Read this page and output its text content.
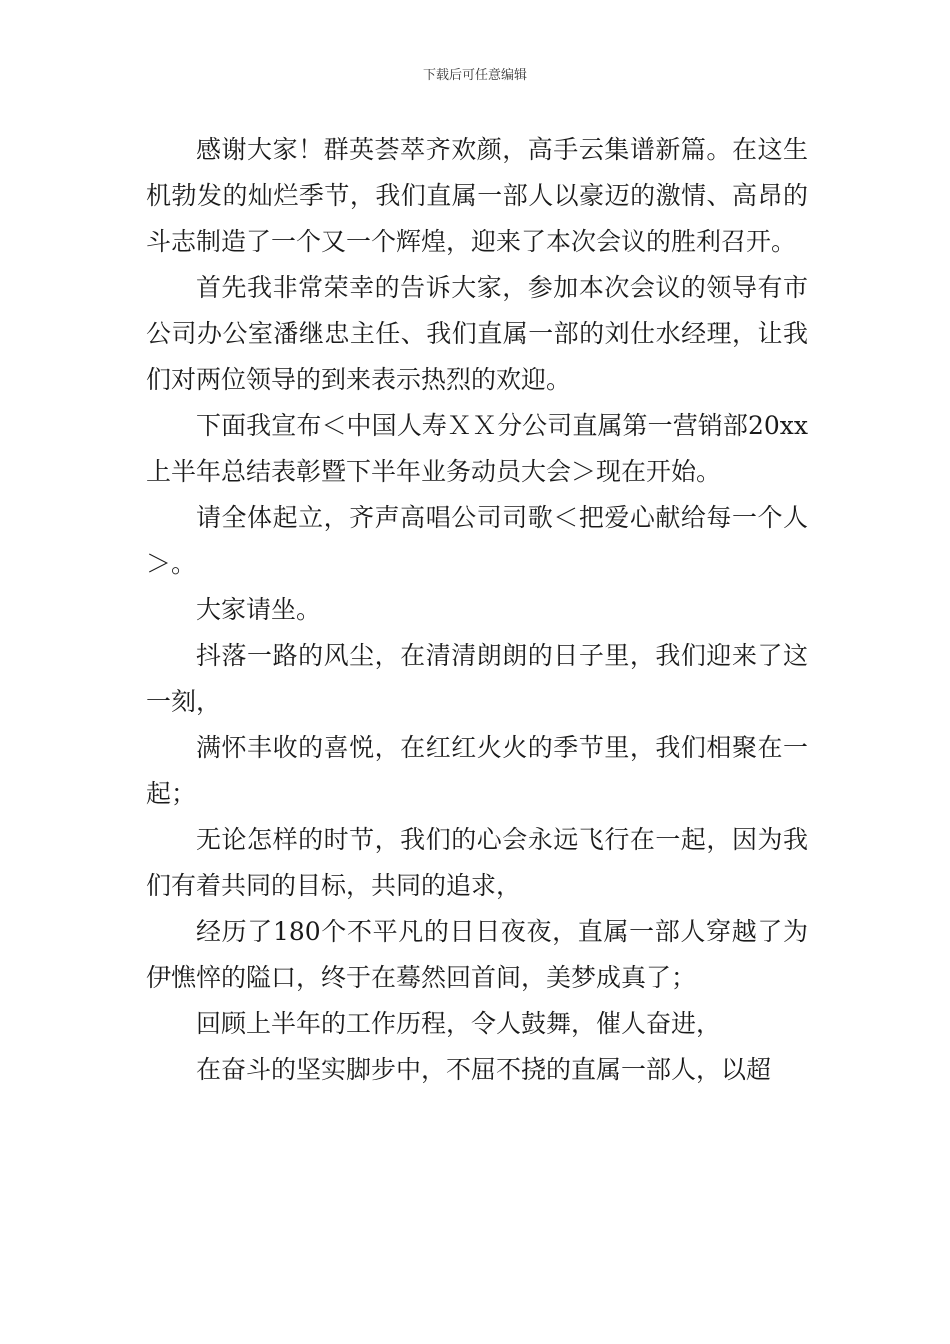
下载后可任意编辑

感谢大家！群英荟萃齐欢颜，高手云集谱新篇。在这生机勃发的灿烂季节，我们直属一部人以豪迈的激情、高昂的斗志制造了一个又一个辉煌，迎来了本次会议的胜利召开。

首先我非常荣幸的告诉大家，参加本次会议的领导有市公司办公室潘继忠主任、我们直属一部的刘仕水经理，让我们对两位领导的到来表示热烈的欢迎。

下面我宣布＜中国人寿ＸＸ分公司直属第一营销部20xx上半年总结表彰暨下半年业务动员大会＞现在开始。

请全体起立，齐声高唱公司司歌＜把爱心献给每一个人＞。

大家请坐。

抖落一路的风尘，在清清朗朗的日子里，我们迎来了这一刻，

满怀丰收的喜悦，在红红火火的季节里，我们相聚在一起；

无论怎样的时节，我们的心会永远飞行在一起，因为我们有着共同的目标，共同的追求，

经历了180个不平凡的日日夜夜，直属一部人穿越了为伊憔悴的隘口，终于在蓦然回首间，美梦成真了；

回顾上半年的工作历程，令人鼓舞，催人奋进，

在奋斗的坚实脚步中，不屈不挠的直属一部人，以超
